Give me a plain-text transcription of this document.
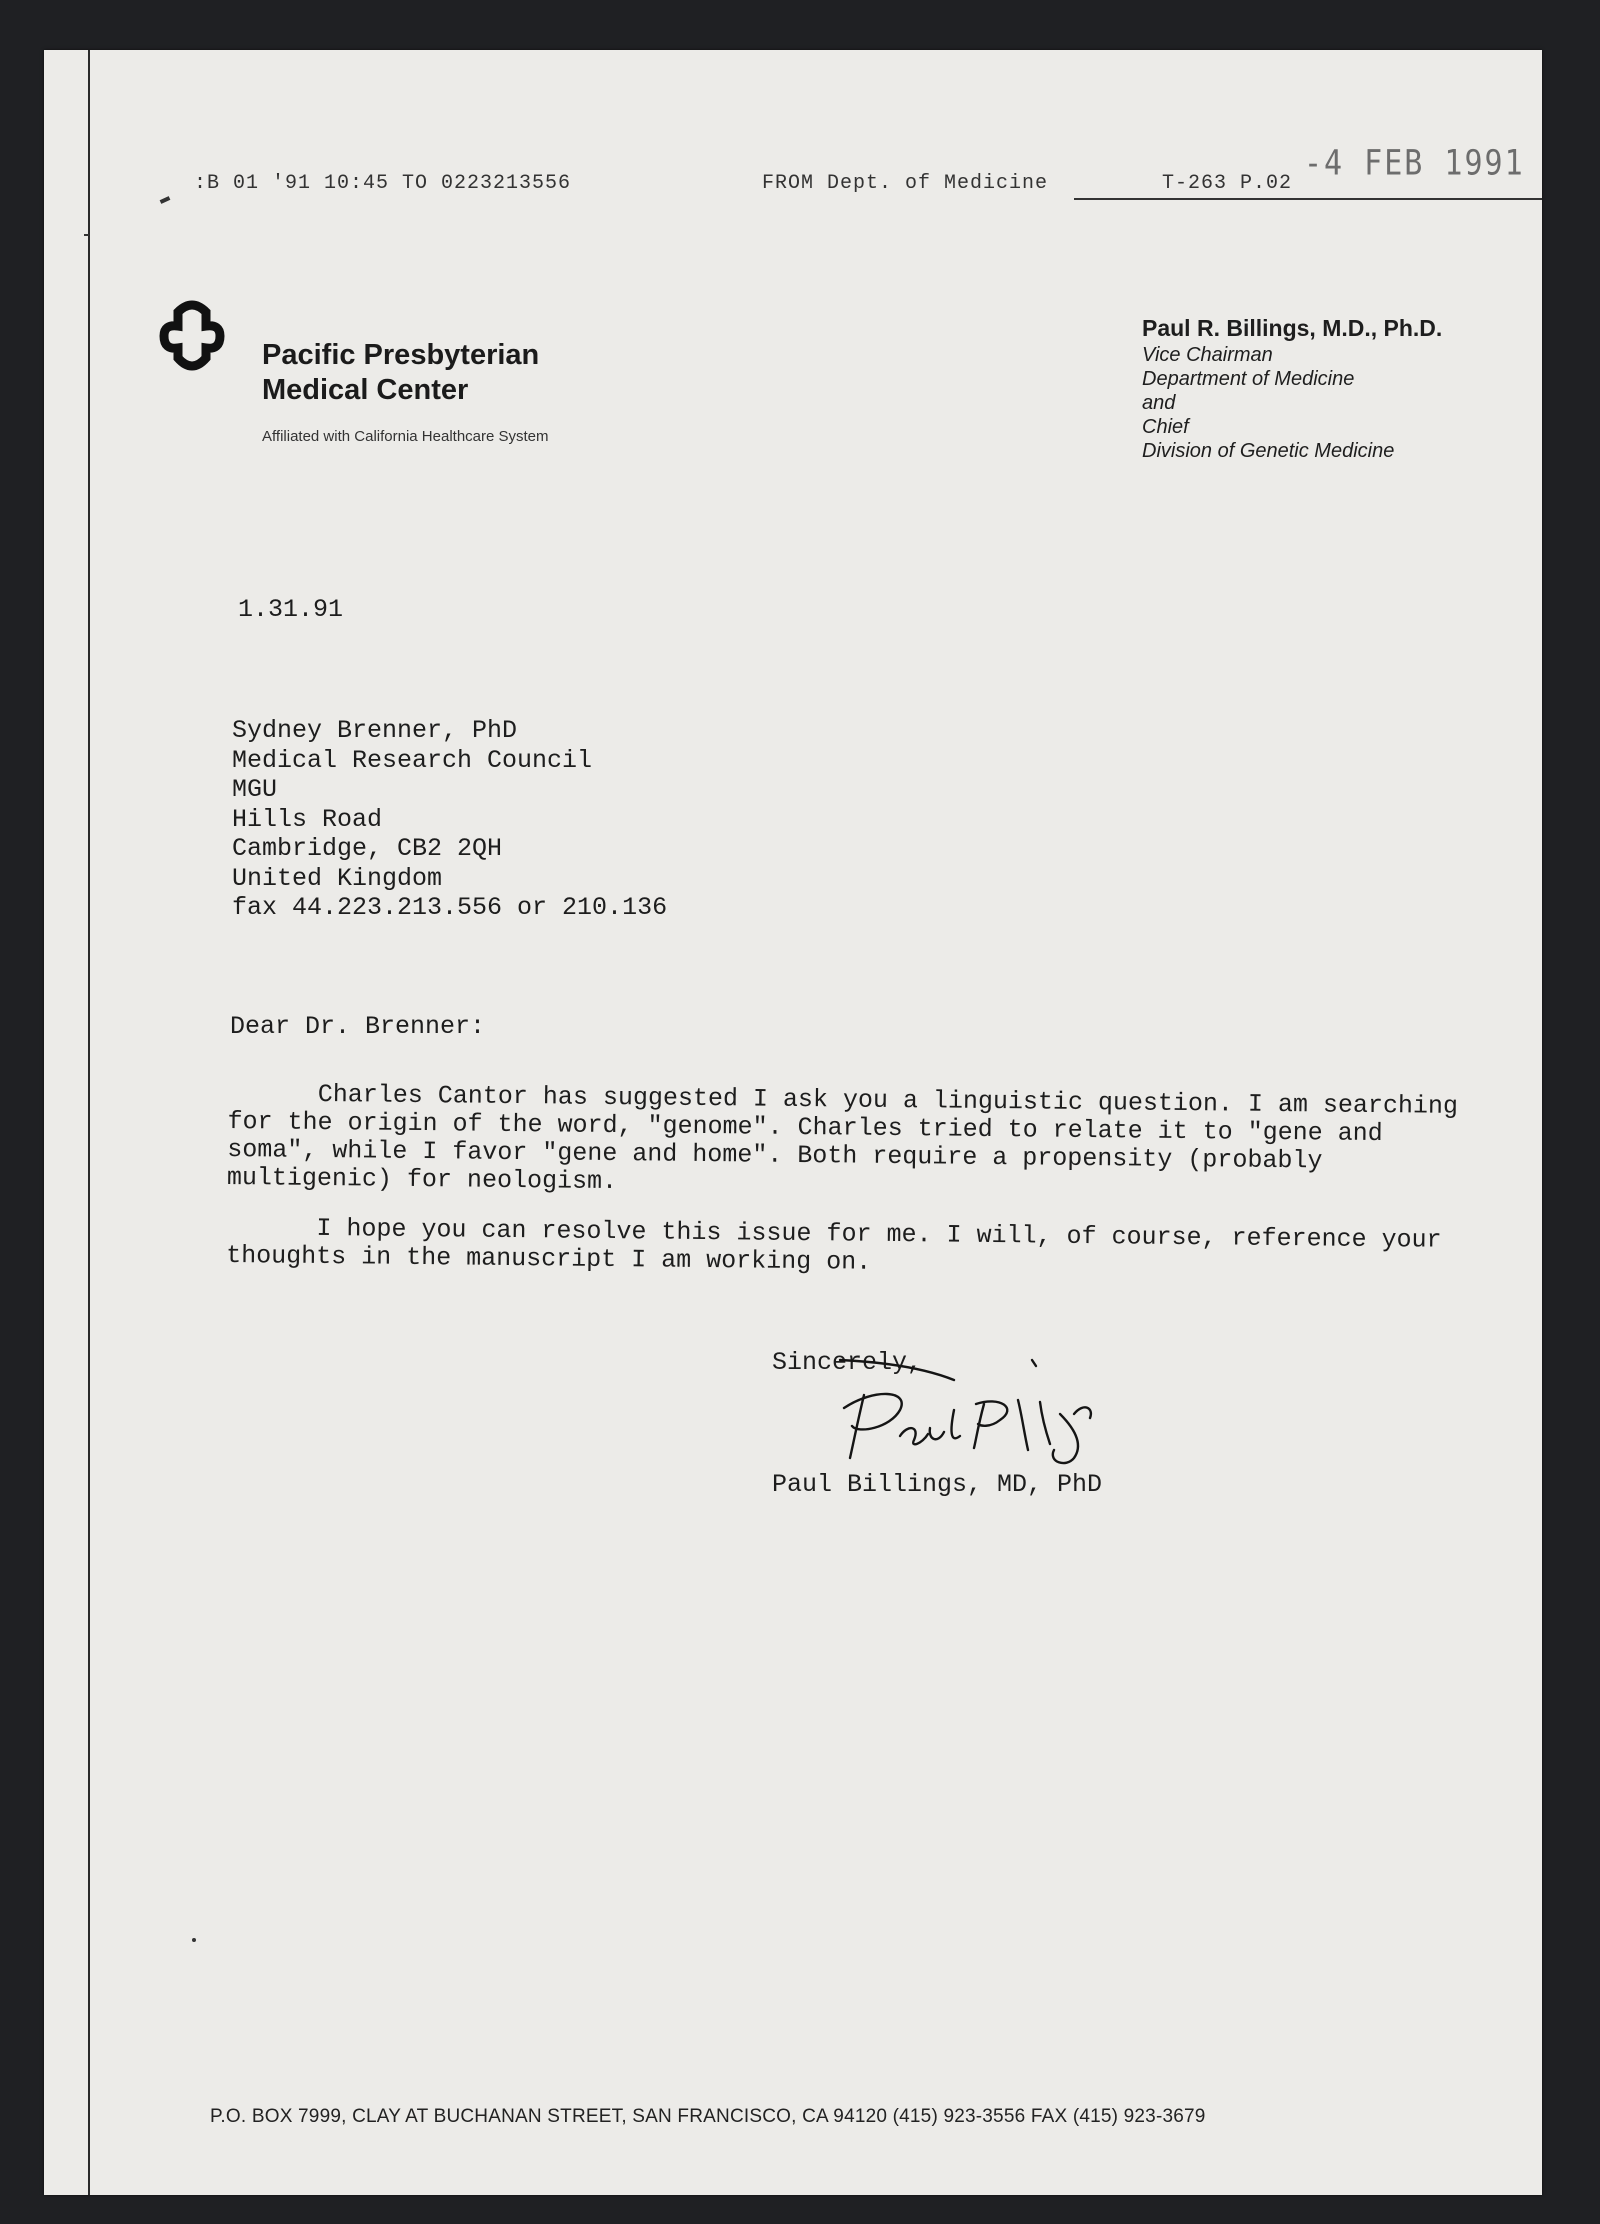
:B 01 '91 10:45 TO 0223213556	FROM Dept. of Medicine	T-263 P.02 -4 FEB 1991
Pacific Presbyterian
Medical Center
Affiliated with California Healthcare System
Paul R. Billings, M.D., Ph.D.
Vice Chairman
Department of Medicine
and
Chief
Division of Genetic Medicine
1.31.91
Sydney Brenner, PhD
Medical Research Council
MGU
Hills Road
Cambridge, CB2 2QH
United Kingdom
fax 44.223.213.556 or 210.136
Dear Dr. Brenner:

Charles Cantor has suggested I ask you a linguistic question. I am searching for the origin of the word, "genome". Charles tried to relate it to "gene and soma", while I favor "gene and home". Both require a propensity (probably multigenic) for neologism.

I hope you can resolve this issue for me. I will, of course, reference your thoughts in the manuscript I am working on.

Sincerely,
Paul Billings, MD, PhD
P.O. BOX 7999, CLAY AT BUCHANAN STREET, SAN FRANCISCO, CA 94120 (415) 923-3556 FAX (415) 923-3679
